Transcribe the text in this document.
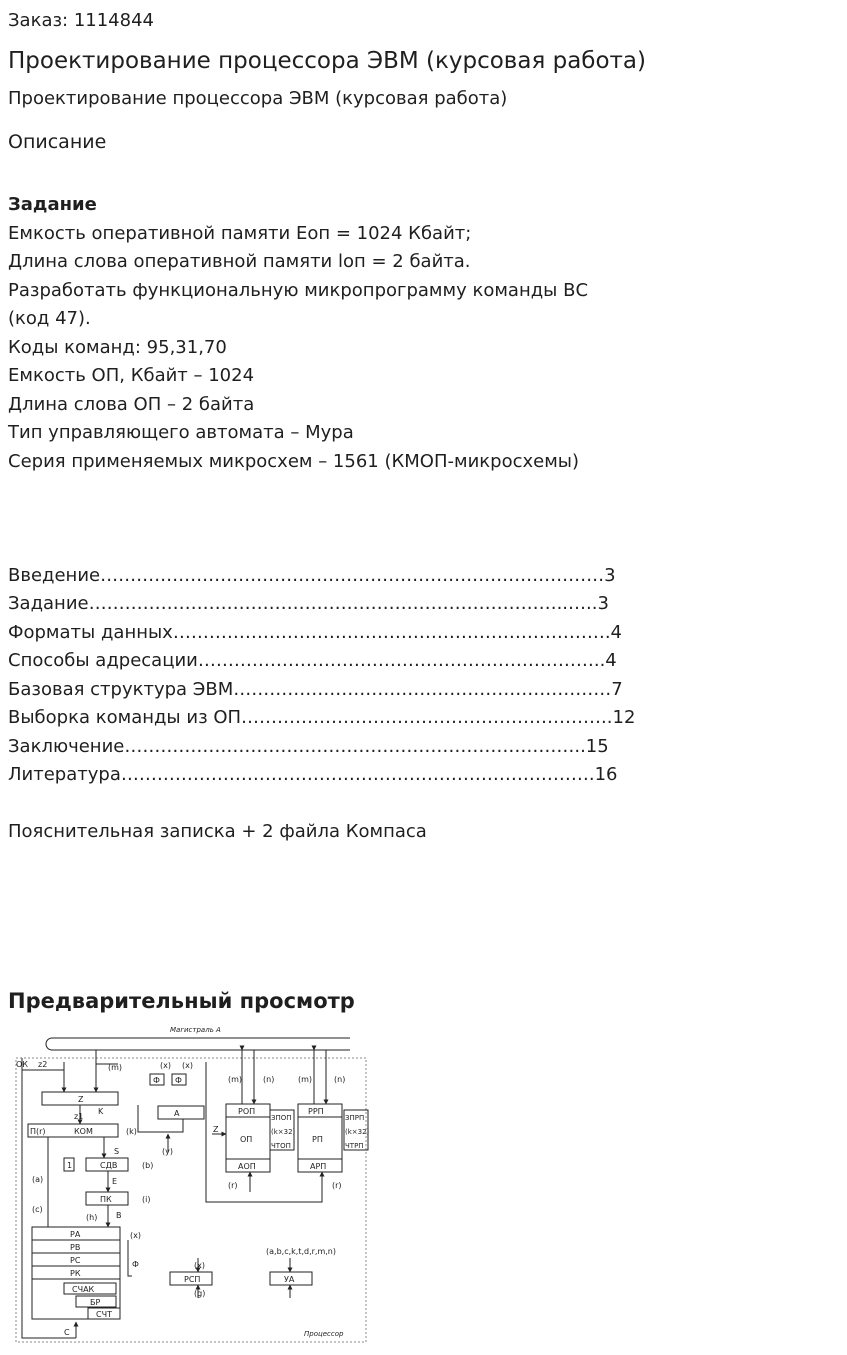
Заказ: 1114844
Проектирование процессора ЭВМ (курсовая работа)
Проектирование процессора ЭВМ (курсовая работа)
Описание
Задание
Емкость оперативной памяти Еоп = 1024 Кбайт;
Длина слова оперативной памяти lоп = 2 байта.
Разработать функциональную микропрограмму команды ВС
(код 47).
Коды команд: 95,31,70
Емкость ОП, Кбайт – 1024
Длина слова ОП – 2 байта
Тип управляющего автомата – Мура
Серия применяемых микросхем – 1561 (КМОП-микросхемы)
Введение…………………………………………………………………………3
Задание……………………………………………………………………..…..3
Форматы данных……………………………………………………………….4
Способы адресации…………………………………………………………..4
Базовая структура ЭВМ………………………………………………………7
Выборка команды из ОП……………………………………………………..12
Заключение…………………………………………………………………..15
Литература…………………………………………………………………….16
Пояснительная записка + 2 файла Компаса
Предварительный просмотр
Магистраль А
ОК z2	(m)	(x) (x)
Ф Ф
Z
K
z1
П(r)	КОМ	(k)
S
СДВ
1	(b)
(a)	Е
ПК	(i)
(c)
(h) В
РА
РВ
РС
РК
(x)
Ф
СЧАК
БР
СЧТ
С
A
(y)
(m)	(n)	(m)	(n)
РОП
ОП
АОП
ЗПОП
(k×32)
ЧТОП
Z
РРП
РП
АРП
ЗПРП
(k×32)
ЧТРП
(r)	(r)
(a,b,c,k,t,d,r,m,n)
РСП	УА
(x)
(g)
Процессор
